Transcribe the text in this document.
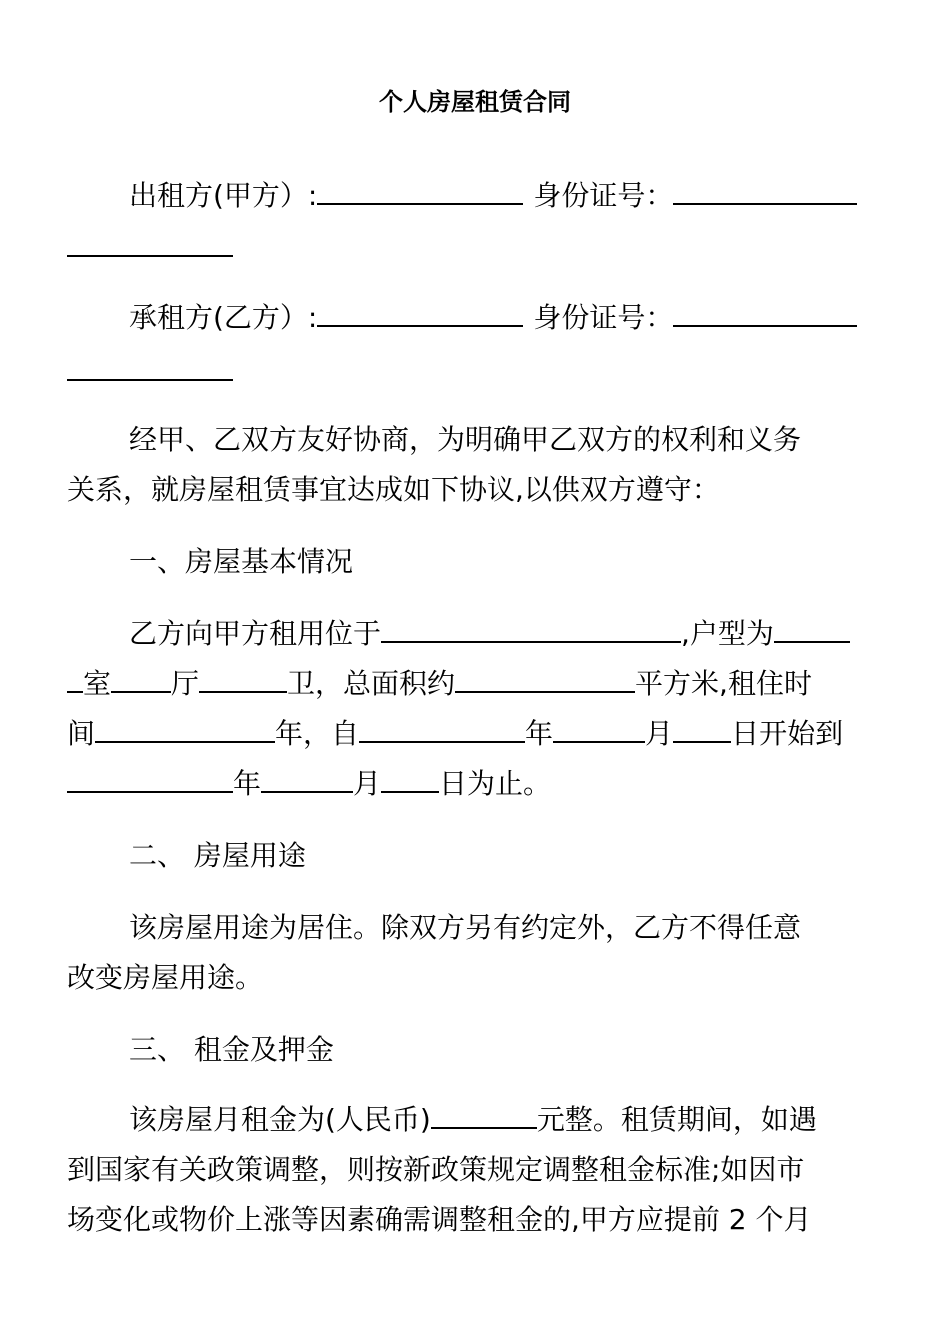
个人房屋租赁合同
出租方(甲方）:	身份证号：
承租方(乙方）:	身份证号：
经甲、乙双方友好协商，为明确甲乙双方的权利和义务
关系，就房屋租赁事宜达成如下协议,以供双方遵守：
一、房屋基本情况
乙方向甲方租用位于	,户型为
室 厅	卫，总面积约	平方米,租住时
间	年，自	年	月 日开始到
年	月 日为止。
二、 房屋用途
该房屋用途为居住。除双方另有约定外，乙方不得任意
改变房屋用途。
三、 租金及押金
该房屋月租金为(人民币)	元整。租赁期间，如遇
到国家有关政策调整，则按新政策规定调整租金标准;如因市
场变化或物价上涨等因素确需调整租金的,甲方应提前 2 个月
